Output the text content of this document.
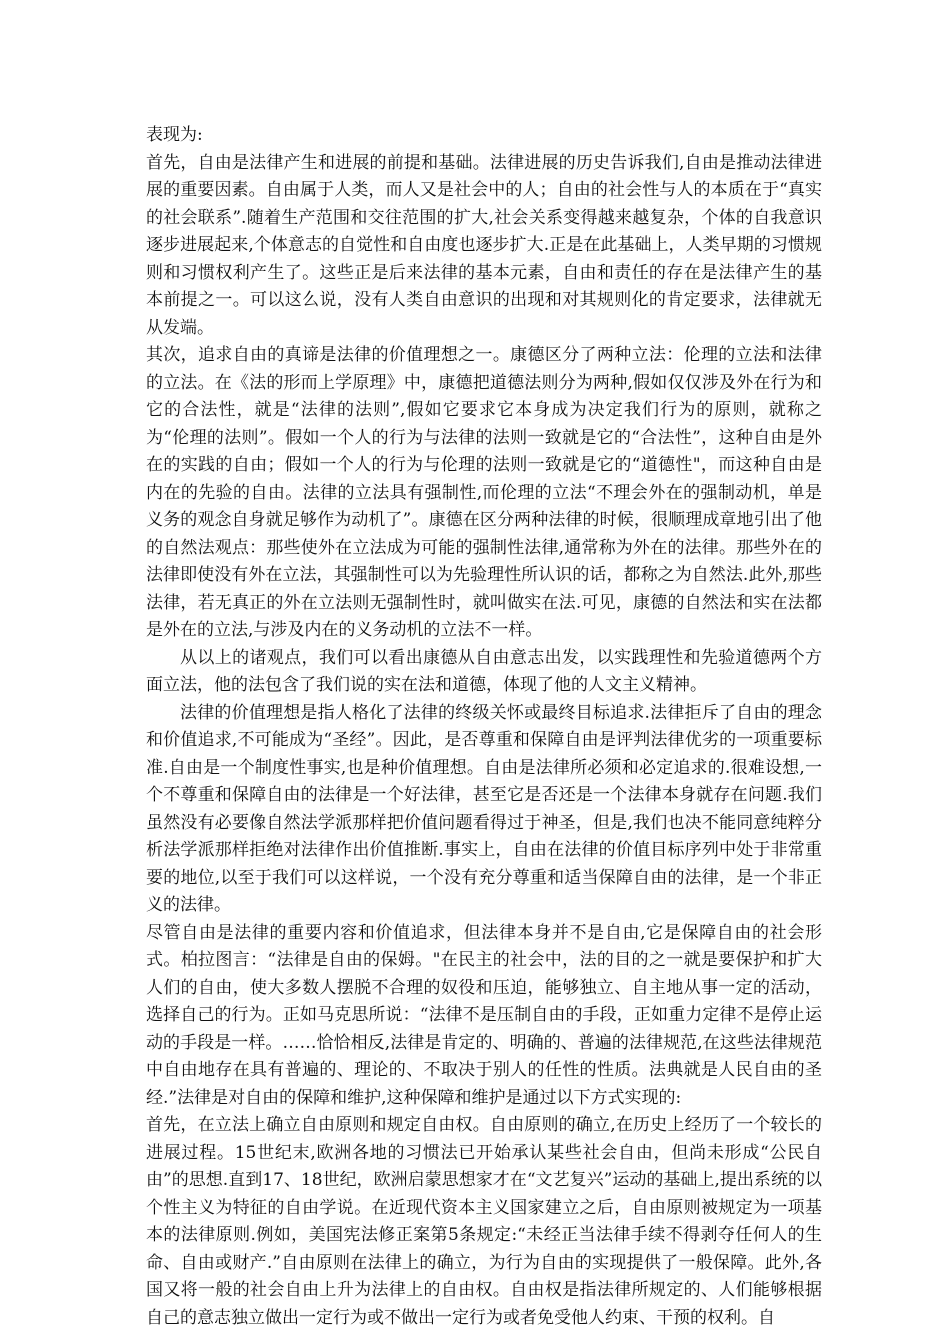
表现为:

首先，自由是法律产生和进展的前提和基础。法律进展的历史告诉我们,自由是推动法律进展的重要因素。自由属于人类，而人又是社会中的人；自由的社会性与人的本质在于“真实的社会联系”.随着生产范围和交往范围的扩大,社会关系变得越来越复杂，个体的自我意识逐步进展起来,个体意志的自觉性和自由度也逐步扩大.正是在此基础上，人类早期的习惯规则和习惯权利产生了。这些正是后来法律的基本元素，自由和责任的存在是法律产生的基本前提之一。可以这么说，没有人类自由意识的出现和对其规则化的肯定要求，法律就无从发端。

其次，追求自由的真谛是法律的价值理想之一。康德区分了两种立法：伦理的立法和法律的立法。在《法的形而上学原理》中，康德把道德法则分为两种,假如仅仅涉及外在行为和它的合法性，就是“法律的法则”,假如它要求它本身成为决定我们行为的原则，就称之为“伦理的法则”。假如一个人的行为与法律的法则一致就是它的“合法性”，这种自由是外在的实践的自由；假如一个人的行为与伦理的法则一致就是它的“道德性"，而这种自由是内在的先验的自由。法律的立法具有强制性,而伦理的立法“不理会外在的强制动机，单是义务的观念自身就足够作为动机了”。康德在区分两种法律的时候，很顺理成章地引出了他的自然法观点：那些使外在立法成为可能的强制性法律,通常称为外在的法律。那些外在的法律即使没有外在立法，其强制性可以为先验理性所认识的话，都称之为自然法.此外,那些法律，若无真正的外在立法则无强制性时，就叫做实在法.可见，康德的自然法和实在法都是外在的立法,与涉及内在的义务动机的立法不一样。

从以上的诸观点，我们可以看出康德从自由意志出发，以实践理性和先验道德两个方面立法，他的法包含了我们说的实在法和道德，体现了他的人文主义精神。

法律的价值理想是指人格化了法律的终级关怀或最终目标追求.法律拒斥了自由的理念和价值追求,不可能成为“圣经”。因此，是否尊重和保障自由是评判法律优劣的一项重要标准.自由是一个制度性事实,也是种价值理想。自由是法律所必须和必定追求的.很难设想,一个不尊重和保障自由的法律是一个好法律，甚至它是否还是一个法律本身就存在问题.我们虽然没有必要像自然法学派那样把价值问题看得过于神圣，但是,我们也决不能同意纯粹分析法学派那样拒绝对法律作出价值推断.事实上，自由在法律的价值目标序列中处于非常重要的地位,以至于我们可以这样说，一个没有充分尊重和适当保障自由的法律，是一个非正义的法律。

尽管自由是法律的重要内容和价值追求，但法律本身并不是自由,它是保障自由的社会形式。柏拉图言：“法律是自由的保姆。"在民主的社会中，法的目的之一就是要保护和扩大人们的自由，使大多数人摆脱不合理的奴役和压迫，能够独立、自主地从事一定的活动，选择自己的行为。正如马克思所说：“法律不是压制自由的手段，正如重力定律不是停止运动的手段是一样。……恰恰相反,法律是肯定的、明确的、普遍的法律规范,在这些法律规范中自由地存在具有普遍的、理论的、不取决于别人的任性的性质。法典就是人民自由的圣经.”法律是对自由的保障和维护,这种保障和维护是通过以下方式实现的:

首先，在立法上确立自由原则和规定自由权。自由原则的确立,在历史上经历了一个较长的进展过程。15世纪末,欧洲各地的习惯法已开始承认某些社会自由，但尚未形成“公民自由”的思想.直到17、18世纪，欧洲启蒙思想家才在“文艺复兴”运动的基础上,提出系统的以个性主义为特征的自由学说。在近现代资本主义国家建立之后，自由原则被规定为一项基本的法律原则.例如，美国宪法修正案第5条规定:“未经正当法律手续不得剥夺任何人的生命、自由或财产.”自由原则在法律上的确立，为行为自由的实现提供了一般保障。此外,各国又将一般的社会自由上升为法律上的自由权。自由权是指法律所规定的、人们能够根据自己的意志独立做出一定行为或不做出一定行为或者免受他人约束、干预的权利。自
